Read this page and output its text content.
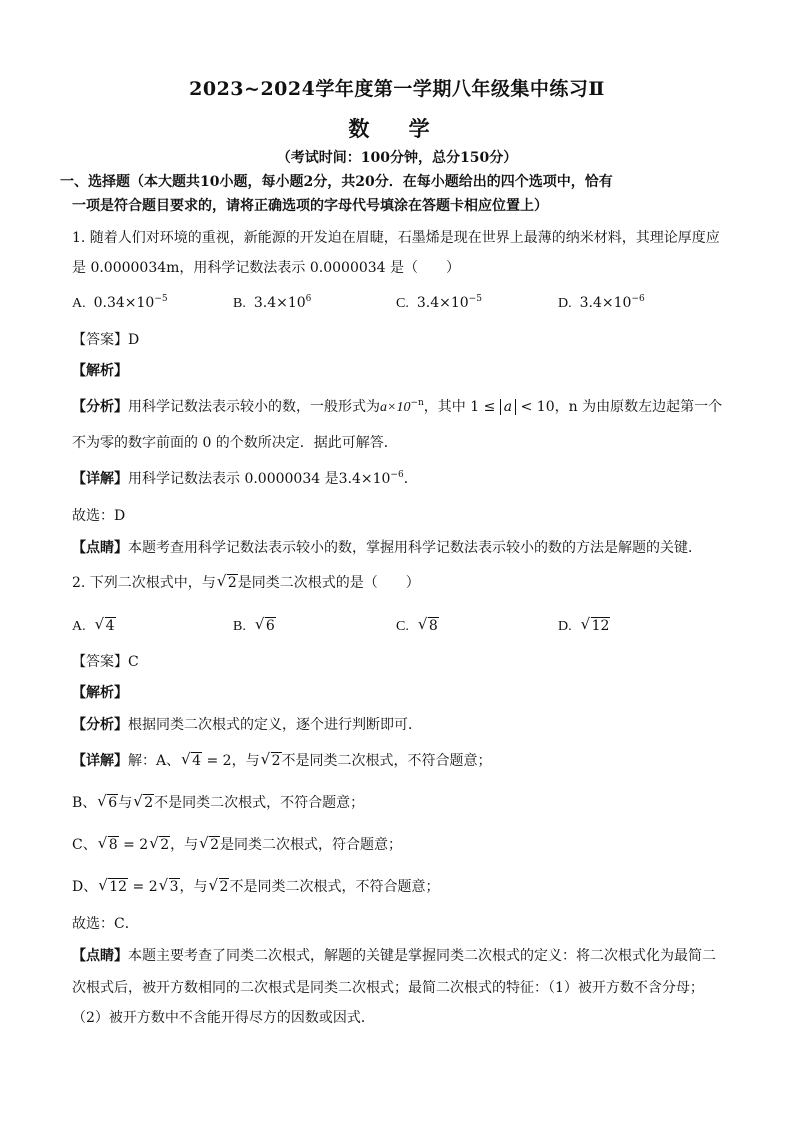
2023~2024学年度第一学期八年级集中练习Ⅱ
数 学
（考试时间：100分钟，总分150分）
一、选择题（本大题共10小题，每小题2分，共20分．在每小题给出的四个选项中，恰有
一项是符合题目要求的，请将正确选项的字母代号填涂在答题卡相应位置上）
1. 随着人们对环境的重视，新能源的开发迫在眉睫，石墨烯是现在世界上最薄的纳米材料，其理论厚度应
是 0.0000034m，用科学记数法表示 0.0000034 是（　　）
A. $0.34\times 10^{-5}$	B. $3.4\times 10^6$	C. $3.4\times 10^{-5}$	D. $3.4\times 10^{-6}$
【答案】D
【解析】
【分析】用科学记数法表示较小的数，一般形式为$a\times 10^{-n}$，其中 1 ≤ a < 10，n 为由原数左边起第一个
不为零的数字前面的 0 的个数所决定．据此可解答．
【详解】用科学记数法表示 0.0000034 是$3.4\times 10^{-6}$．
故选：D
【点睛】本题考查用科学记数法表示较小的数，掌握用科学记数法表示较小的数的方法是解题的关键．
2. 下列二次根式中，与 √ 2是同类二次根式的是（　　）
A. √ 4	B. √ 6	C. √ 8	D. √ 12
【答案】C
【解析】
【分析】根据同类二次根式的定义，逐个进行判断即可．
【详解】解：A、 √ 4 = 2，与 √ 2不是同类二次根式，不符合题意；
B、 √ 6与 √ 2不是同类二次根式，不符合题意；
C、 √ 8 = 2 √ 2，与 √ 2是同类二次根式，符合题意；
D、 √ 12 = 2 √ 3，与 √ 2不是同类二次根式，不符合题意；
故选：C．
【点睛】本题主要考查了同类二次根式，解题的关键是掌握同类二次根式的定义：将二次根式化为最简二
次根式后，被开方数相同的二次根式是同类二次根式；最简二次根式的特征：（1）被开方数不含分母；
（2）被开方数中不含能开得尽方的因数或因式．
